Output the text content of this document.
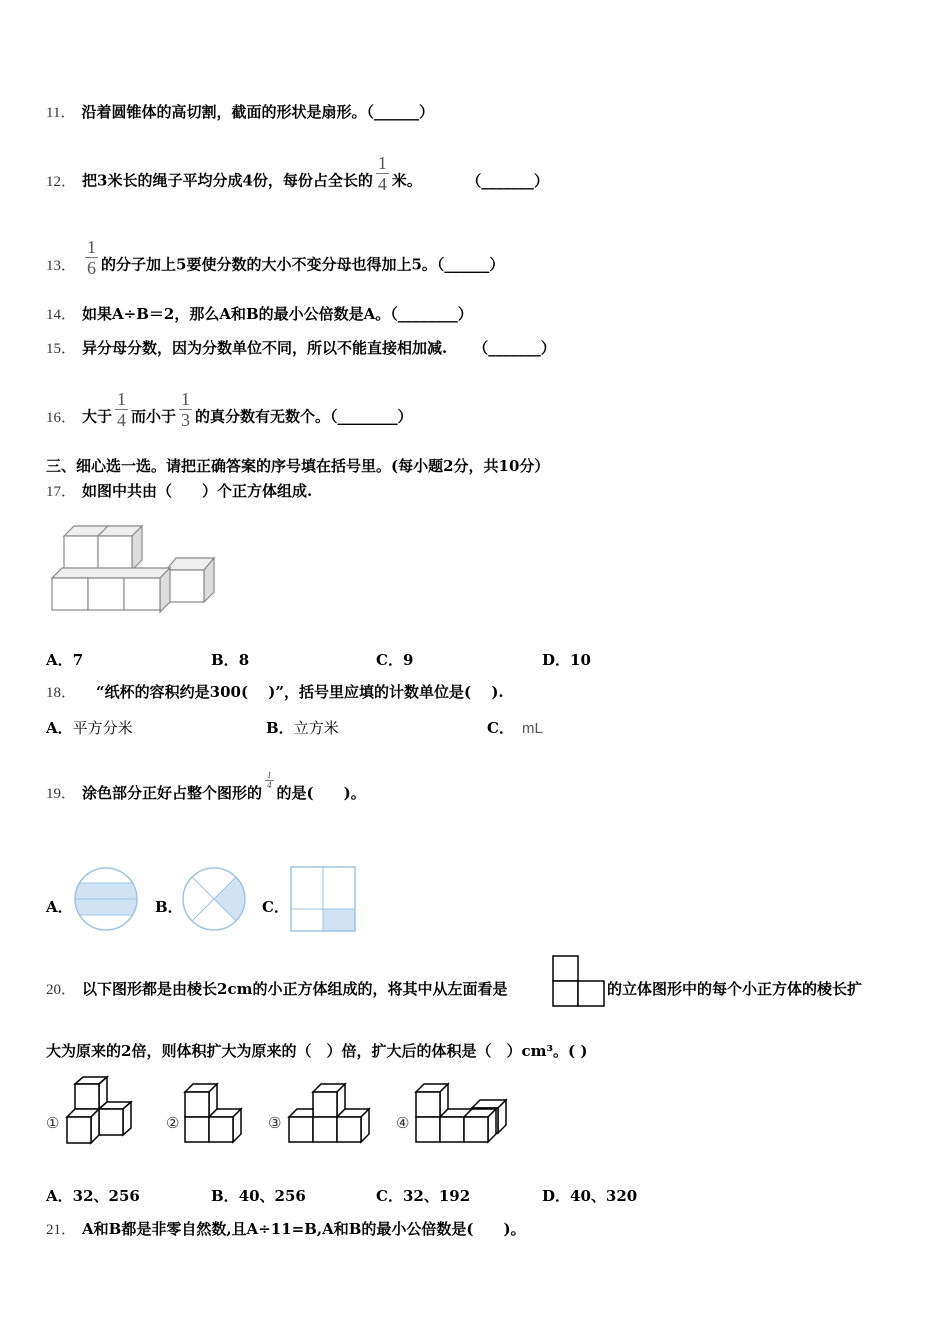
11． 沿着圆锥体的高切割，截面的形状是扇形。（______）
12． 把3米长的绳子平均分成4份，每份占全长的 $\frac{1}{4}$ 米。	（_______）
13． $\frac{1}{6}$ 的分子加上5要使分数的大小不变分母也得加上5。（______）
14． 如果A÷B＝2，那么A和B的最小公倍数是A。（________）
15． 异分母分数，因为分数单位不同，所以不能直接相加减. （_______）
16． 大于 $\frac{1}{4}$ 而小于 $\frac{1}{3}$ 的真分数有无数个。（________）
三、细心选一选。请把正确答案的序号填在括号里。(每小题2分，共10分）
17． 如图中共由（　　）个正方体组成.
A．7	B．8	C．9	D．10
18． “纸杯的容积约是300(　 )”，括号里应填的计数单位是(　 ).
A．平方分米	B．立方米	C． mL
19． 涂色部分正好占整个图形的
$\frac{1}{4}$
的是(　　)。
A．	B．	C．
20． 以下图形都是由棱长2cm的小正方体组成的，将其中从左面看是	的立体图形中的每个小正方体的棱长扩
大为原来的2倍，则体积扩大为原来的（　）倍，扩大后的体积是（　）cm³。( )
①	②	③	④
A．32、256	B．40、256	C．32、192	D．40、320
21． A和B都是非零自然数,且A÷11=B,A和B的最小公倍数是(　　)。
